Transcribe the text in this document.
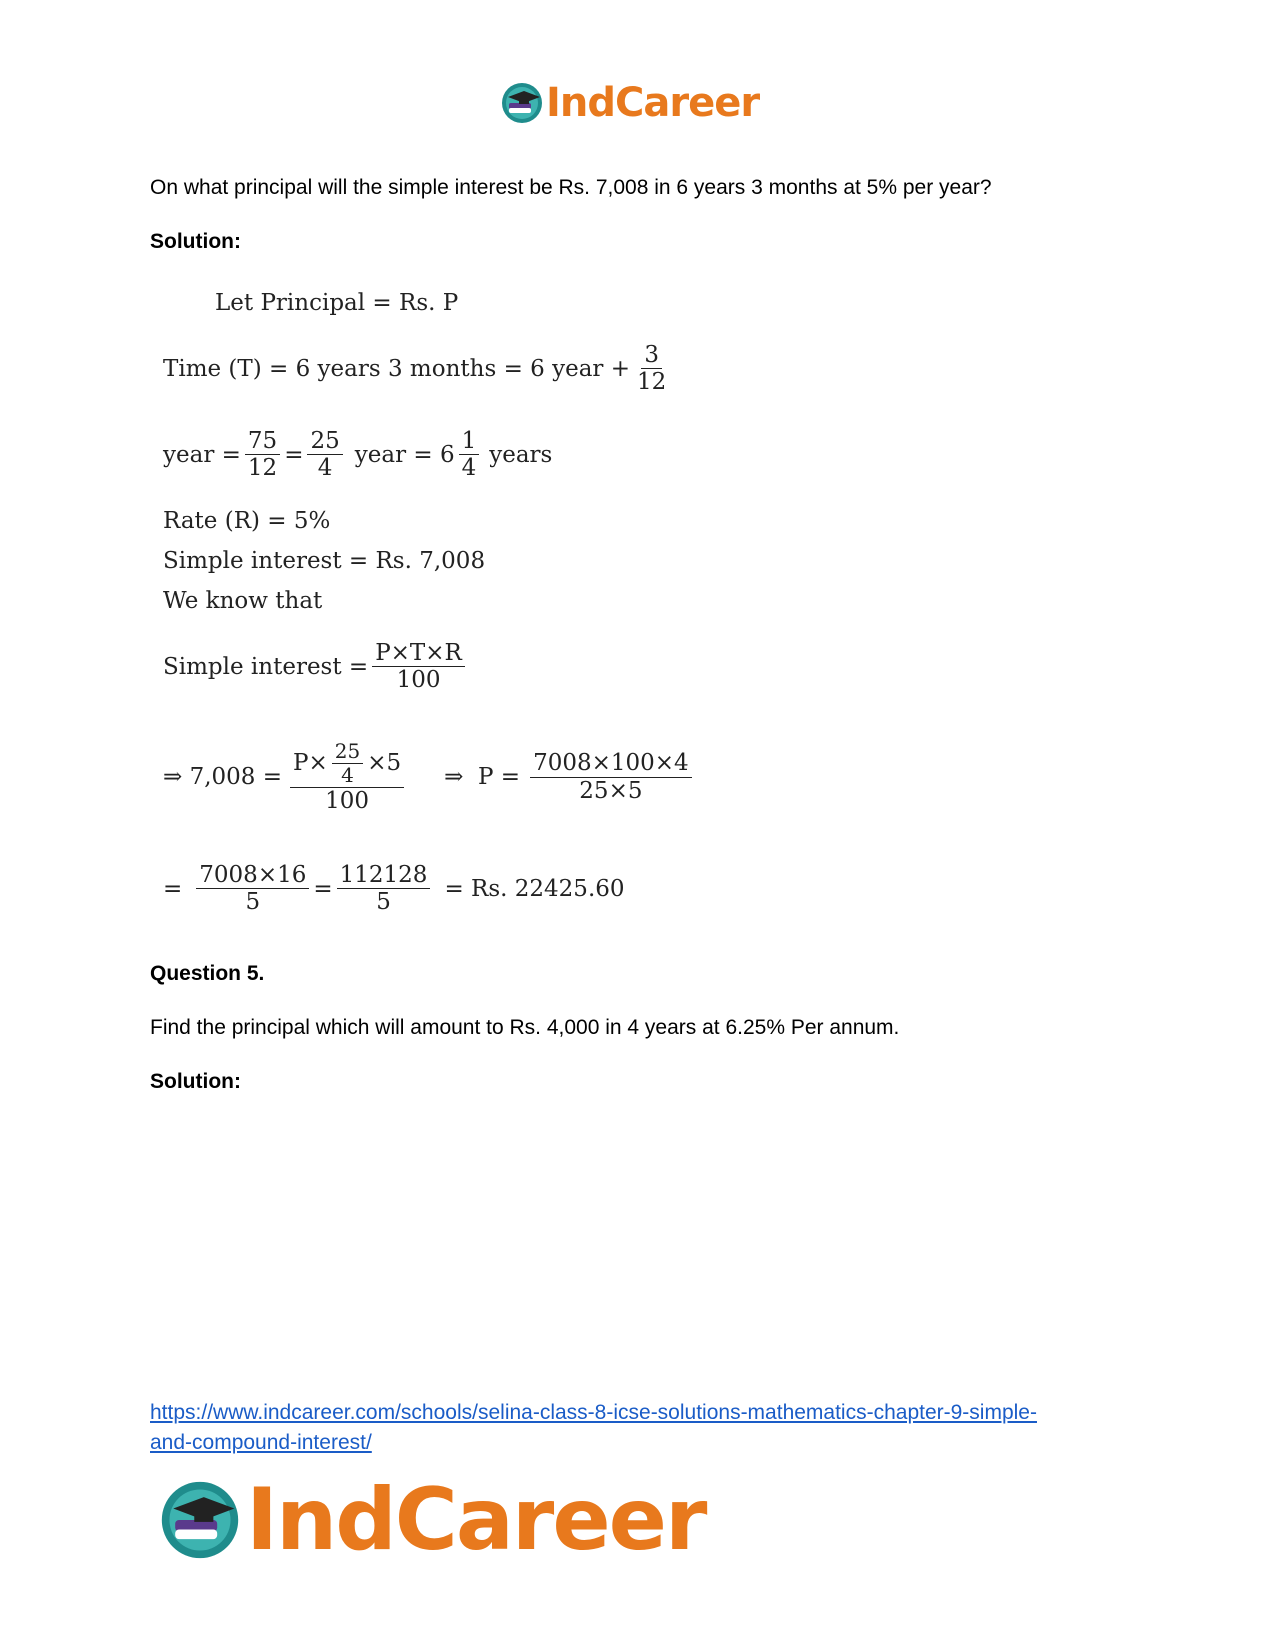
IndCareer
On what principal will the simple interest be Rs. 7,008 in 6 years 3 months at 5% per year?
Solution:
Let Principal = Rs. P
Time (T) = 6 years 3 months = 6 year + $\frac{3}{12}$
year = $\frac{75}{12} = \frac{25}{4}$ year = $6 \frac{1}{4}$ years
Rate (R) = 5%
Simple interest = Rs. 7,008
We know that
Simple interest = $\frac{P\times T\times R}{100}$
⇒ $7,008 = \frac{P\times \frac{25}{4} \times 5}{100}$ ⇒  $P = \frac{7008\times 100\times 4}{25\times 5}$
= $\frac{7008\times 16}{5} = \frac{112128}{5} = Rs$. 22425.60
Question 5.
Find the principal which will amount to Rs. 4,000 in 4 years at 6.25% Per annum.
Solution:
https://www.indcareer.com/schools/selina-class-8-icse-solutions-mathematics-chapter-9-simple-
and-compound-interest/
IndCareer
